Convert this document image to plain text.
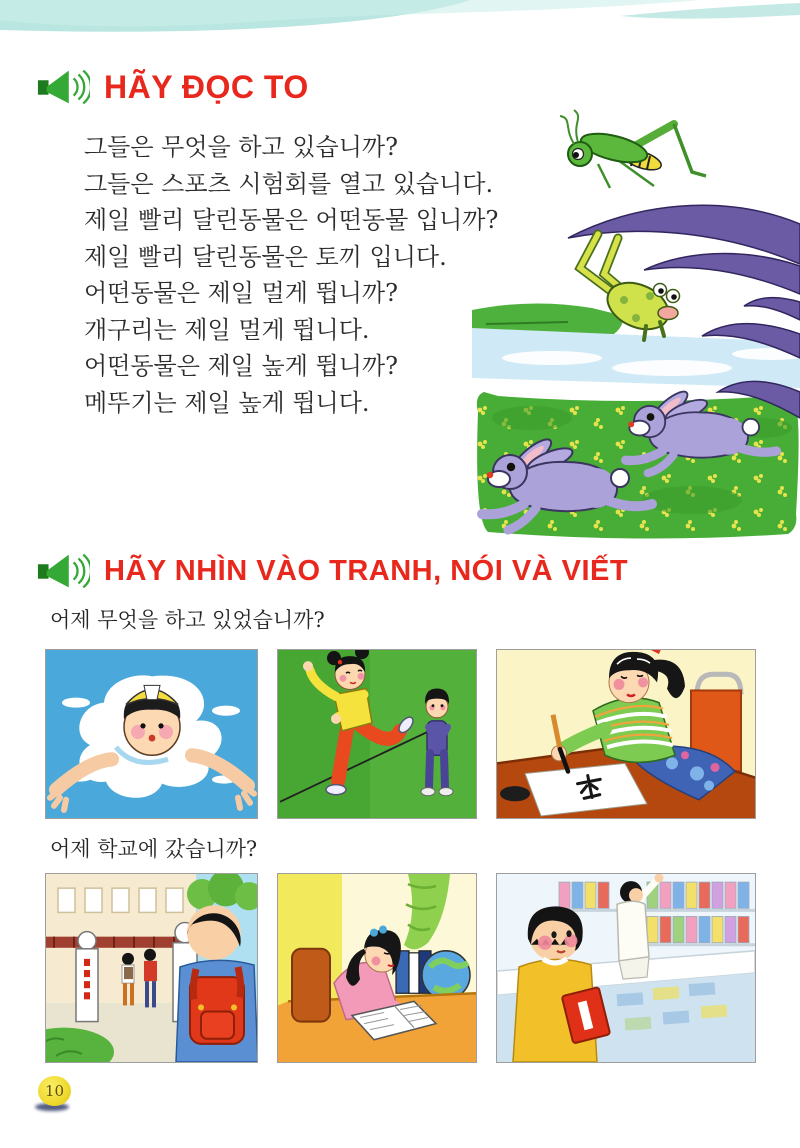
HÃY ĐỌC TO

그들은 무엇을 하고 있습니까?

그들은 스포츠 시험회를 열고 있습니다.

제일 빨리 달린동물은 어떤동물 입니까?

제일 빨리 달린동물은 토끼 입니다.

어떤동물은 제일 멀게 뜁니까?

개구리는 제일 멀게 뜁니다.

어떤동물은 제일 높게 뜁니까?

메뚜기는 제일 높게 뜁니다.

HÃY NHÌN VÀO TRANH, NÓI VÀ VIẾT

어제 무엇을 하고 있었습니까?

어제 학교에 갔습니까?

10
